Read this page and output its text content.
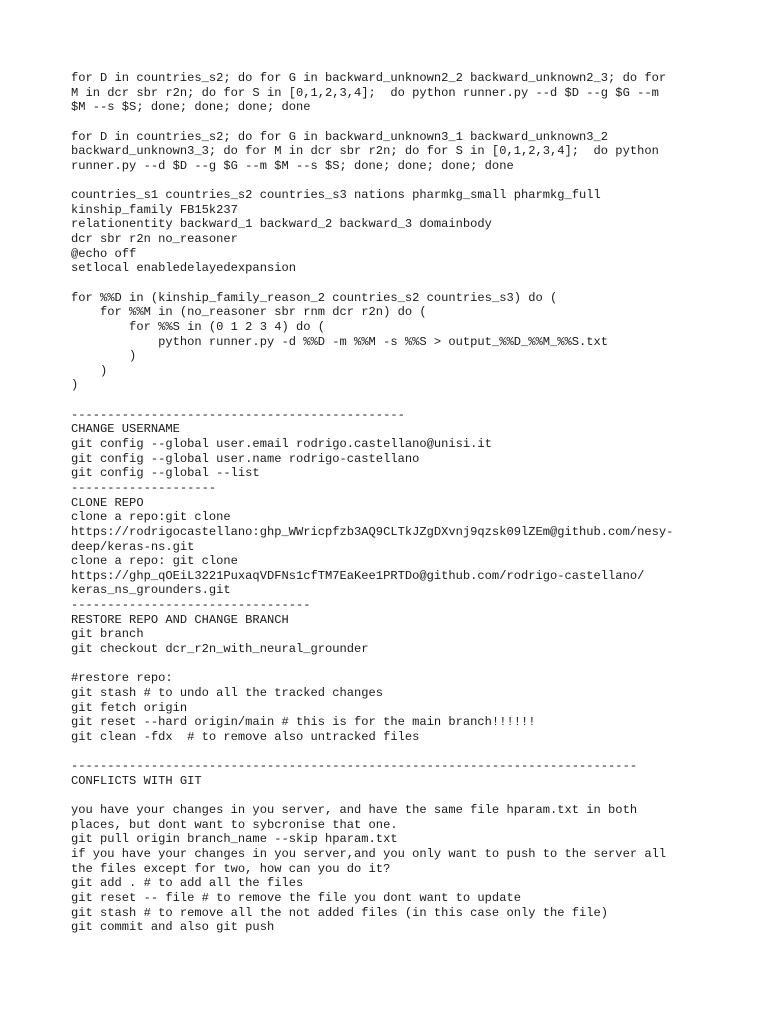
for D in countries_s2; do for G in backward_unknown2_2 backward_unknown2_3; do for
M in dcr sbr r2n; do for S in [0,1,2,3,4];  do python runner.py --d $D --g $G --m
$M --s $S; done; done; done; done
for D in countries_s2; do for G in backward_unknown3_1 backward_unknown3_2
backward_unknown3_3; do for M in dcr sbr r2n; do for S in [0,1,2,3,4];  do python
runner.py --d $D --g $G --m $M --s $S; done; done; done; done
countries_s1 countries_s2 countries_s3 nations pharmkg_small pharmkg_full
kinship_family FB15k237
relationentity backward_1 backward_2 backward_3 domainbody
dcr sbr r2n no_reasoner
@echo off
setlocal enabledelayedexpansion
for %%D in (kinship_family_reason_2 countries_s2 countries_s3) do (
for %%M in (no_reasoner sbr rnm dcr r2n) do (
for %%S in (0 1 2 3 4) do (
python runner.py -d %%D -m %%M -s %%S > output_%%D_%%M_%%S.txt
)
)
)
----------------------------------------------
CHANGE USERNAME
git config --global user.email rodrigo.castellano@unisi.it
git config --global user.name rodrigo-castellano
git config --global --list
--------------------
CLONE REPO
clone a repo:git clone
https://rodrigocastellano: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@github.com/nesy-
deep/keras-ns.git
clone a repo: git clone
https://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@github.com/rodrigo-castellano/
keras_ns_grounders.git
---------------------------------
RESTORE REPO AND CHANGE BRANCH
git branch
git checkout dcr_r2n_with_neural_grounder
#restore repo:
git stash # to undo all the tracked changes
git fetch origin
git reset --hard origin/main # this is for the main branch!!!!!!
git clean -fdx  # to remove also untracked files
------------------------------------------------------------------------------
CONFLICTS WITH GIT
you have your changes in you server, and have the same file hparam.txt in both
places, but dont want to sybcronise that one.
git pull origin branch_name --skip hparam.txt
if you have your changes in you server,and you only want to push to the server all
the files except for two, how can you do it?
git add . # to add all the files
git reset -- file # to remove the file you dont want to update
git stash # to remove all the not added files (in this case only the file)
git commit and also git push
